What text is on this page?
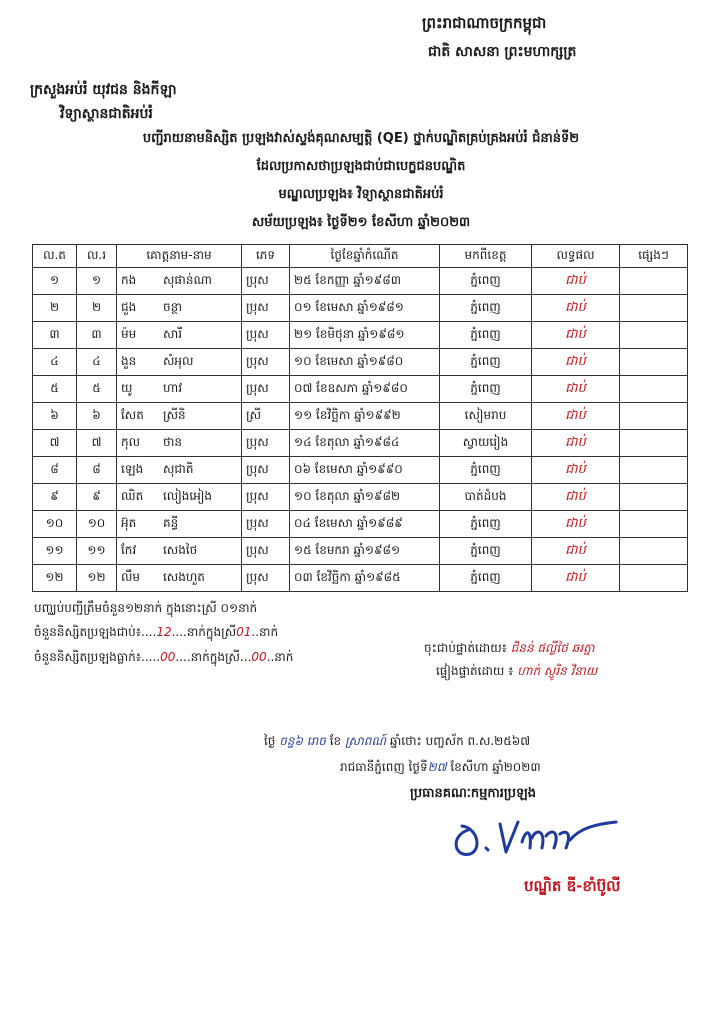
ព្រះរាជាណាចក្រកម្ពុជា
ជាតិ សាសនា ព្រះមហាក្សត្រ
ក្រសួងអប់រំ យុវជន និងកីឡា
វិទ្យាស្ថានជាតិអប់រំ
បញ្ជីរាយនាមនិស្សិត ប្រឡងវាស់ស្ទង់គុណសម្បត្តិ (QE) ថ្នាក់បណ្ឌិតគ្រប់គ្រងអប់រំ ជំនាន់ទី២
ដែលប្រកាសថាប្រឡងជាប់ជាបេក្ខជនបណ្ឌិត
មណ្ឌលប្រឡង៖ វិទ្យាស្ថានជាតិអប់រំ
សម័យប្រឡង៖ ថ្ងៃទី២១ ខែសីហា ឆ្នាំ២០២៣
ល.ត	ល.រ	គោត្តនាម-នាម	ភេទ	ថ្ងៃខែឆ្នាំកំណើត	មកពីខេត្ត	លទ្ធផល	ផ្សេងៗ
១	១	កង សុផាន់ណា	ប្រុស	២៥ ខែកញ្ញា ឆ្នាំ១៩៨៣	ភ្នំពេញ	ជាប់	
២	២	ជួង ចន្ថា	ប្រុស	០១ ខែមេសា ឆ្នាំ១៩៨១	ភ្នំពេញ	ជាប់	
៣	៣	ម៉ម សារី	ប្រុស	២១ ខែមិថុនា ឆ្នាំ១៩៨១	ភ្នំពេញ	ជាប់	
៤	៤	ងួន សំអុល	ប្រុស	១០ ខែមេសា ឆ្នាំ១៩៨០	ភ្នំពេញ	ជាប់	
៥	៥	យូ ហាវ	ប្រុស	០៧ ខែឧសភា ឆ្នាំ១៩៨០	ភ្នំពេញ	ជាប់	
៦	៦	សែត ស្រីនិ	ស្រី	១១ ខែវិច្ឆិកា ឆ្នាំ១៩៩២	សៀមរាប	ជាប់	
៧	៧	កុល ថាន	ប្រុស	១៤ ខែតុលា ឆ្នាំ១៩៨៤	ស្វាយរៀង	ជាប់	
៨	៨	ឡេង សុជាតិ	ប្រុស	០៦ ខែមេសា ឆ្នាំ១៩៩០	ភ្នំពេញ	ជាប់	
៩	៩	ឈិត លៀងអៀង	ប្រុស	១០ ខែតុលា ឆ្នាំ១៩៨២	បាត់ដំបង	ជាប់	
១០	១០	អ៊ុត គន្ធី	ប្រុស	០៤ ខែមេសា ឆ្នាំ១៩៨៩	ភ្នំពេញ	ជាប់	
១១	១១	កែវ សេងថៃ	ប្រុស	១៥ ខែមករា ឆ្នាំ១៩៨១	ភ្នំពេញ	ជាប់	
១២	១២	លឹម សេងហួត	ប្រុស	០៣ ខែវិច្ឆិកា ឆ្នាំ១៩៨៥	ភ្នំពេញ	ជាប់	
បញ្ឈប់បញ្ជីត្រឹមចំនួន១២នាក់ ក្នុងនោះស្រី ០១នាក់
ចំនួននិស្សិតប្រឡងជាប់៖....12....នាក់ក្នុងស្រី01..នាក់
ចំនួននិស្សិតប្រឡងធ្លាក់៖.....00....នាក់ក្នុងស្រី...00..នាក់
ចុះជាប់ផ្ទាត់ដោយ៖ ជិនន់ ផល្លីថៃ ឆរត្នា
ផ្ទៀងផ្ទាត់ដោយ ៖ ហាក់ ស្ញូរិន វិនាយ
ថ្ងៃ ចន្ទ៦ រោច ខែ ស្រាពណ៍ ឆ្នាំថោះ បញ្ចស័ក ព.ស.២៥៦៧
រាជធានីភ្នំពេញ ថ្ងៃទី២៧ ខែសីហា ឆ្នាំ២០២៣
ប្រធានគណៈកម្មការប្រឡង
បណ្ឌិត ឌី-ខាំប៊ូលី
